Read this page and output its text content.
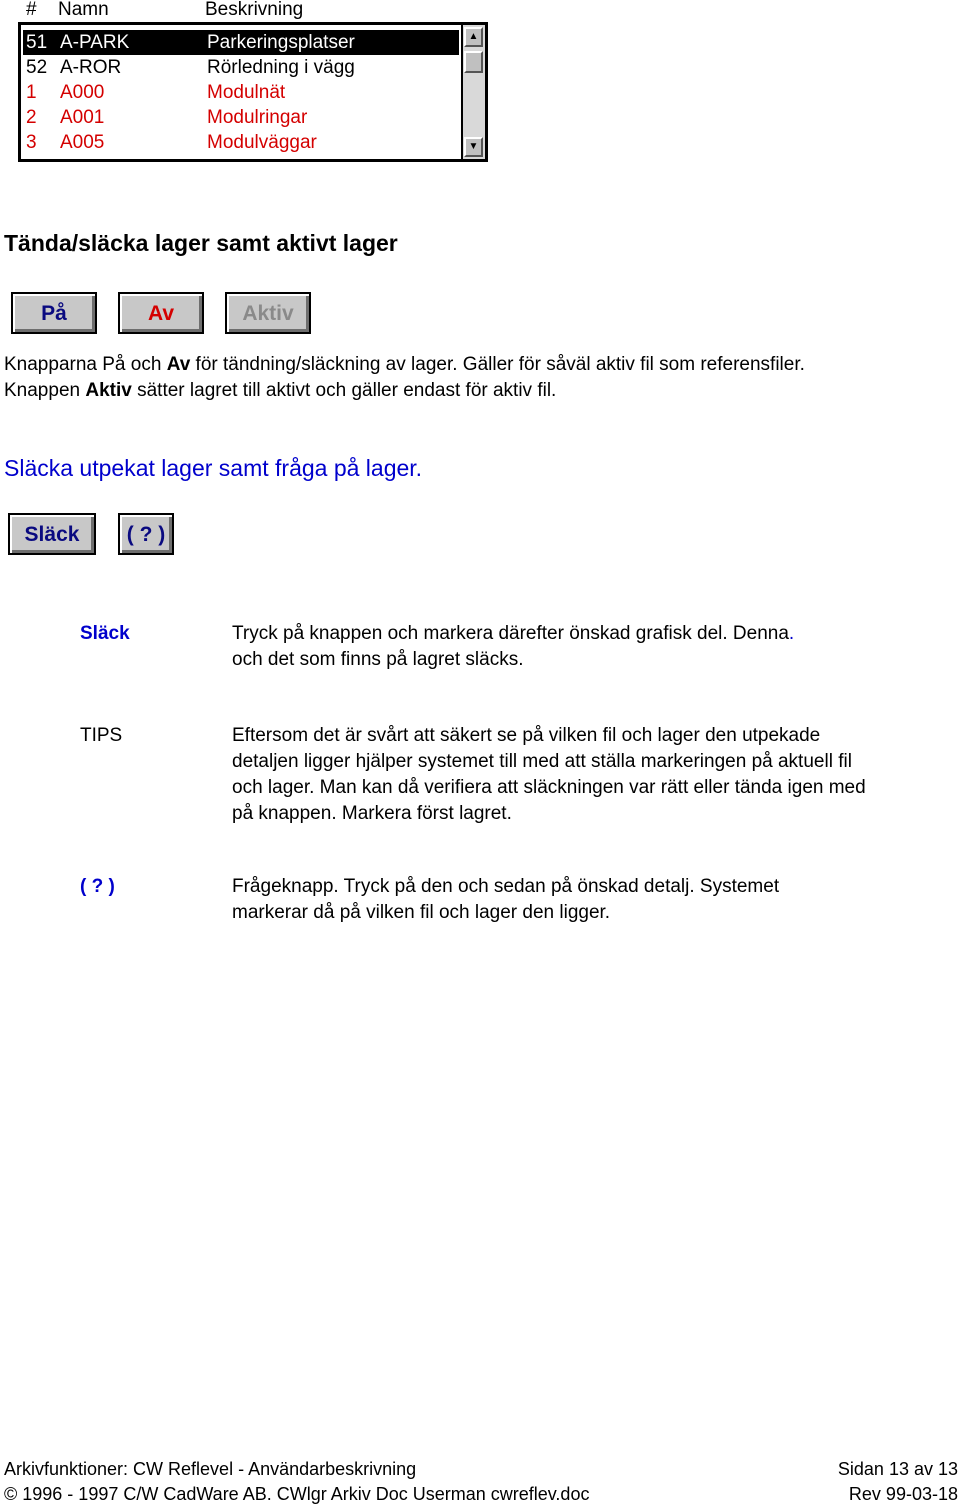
# Namn	Beskrivning
51 A-PARK	Parkeringsplatser
52 A-ROR	Rörledning i vägg
1 A000	Modulnät
2 A001	Modulringar
3 A005	Modulväggar
▲
▼
Tända/släcka lager samt aktivt lager
På	Av	Aktiv
Knapparna På och Av för tändning/släckning av lager. Gäller för såväl aktiv fil som referensfiler.
Knappen Aktiv sätter lagret till aktivt och gäller endast för aktiv fil.
Släcka utpekat lager samt fråga på lager.
Släck	( ? )
Släck	Tryck på knappen och markera därefter önskad grafisk del. Denna.
och det som finns på lagret släcks.
TIPS	Eftersom det är svårt att säkert se på vilken fil och lager den utpekade
detaljen ligger hjälper systemet till med att ställa markeringen på aktuell fil
och lager. Man kan då verifiera att släckningen var rätt eller tända igen med
på knappen. Markera först lagret.
( ? )	Frågeknapp. Tryck på den och sedan på önskad detalj. Systemet
markerar då på vilken fil och lager den ligger.
Arkivfunktioner: CW Reflevel - Användarbeskrivning	Sidan 13 av 13
© 1996 - 1997 C/W CadWare AB. CWlgr Arkiv Doc Userman cwreflev.doc	Rev 99-03-18
